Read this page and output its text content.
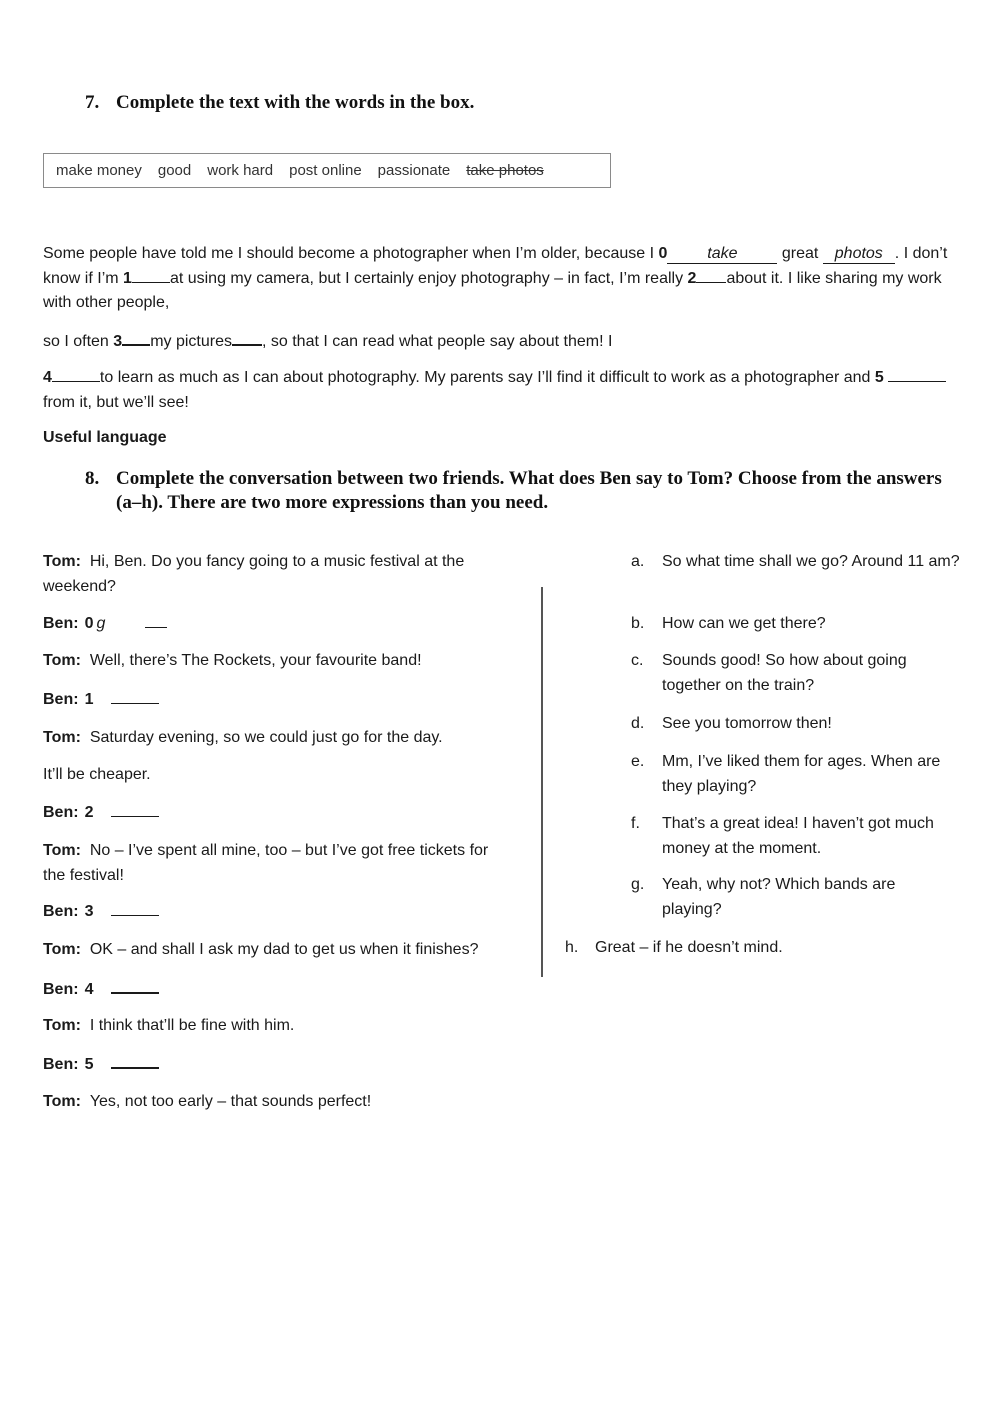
7. Complete the text with the words in the box.
make money good work hard post online passionate take photos
Some people have told me I should become a photographer when I’m older, because I 0 take	great photos . I don’t know if I’m 1 at using my camera, but I certainly enjoy photography – in fact, I’m really 2 about it. I like sharing my work with other people,
so I often 3 my pictures , so that I can read what people say about them! I
4	to learn as much as I can about photography. My parents say I’ll find it difficult to work as a photographer and 5 from it, but we’ll see!
Useful language
8. Complete the conversation between two friends. What does Ben say to Tom? Choose from the answers (a–h). There are two more expressions than you need.
Tom: Hi, Ben. Do you fancy going to a music festival at the weekend?
Ben: 0 g
Tom: Well, there’s The Rockets, your favourite band!
Ben: 1
Tom: Saturday evening, so we could just go for the day.
It’ll be cheaper.
Ben: 2
Tom: No – I’ve spent all mine, too – but I’ve got free tickets for the festival!
Ben: 3
Tom: OK – and shall I ask my dad to get us when it finishes?
Ben: 4
Tom: I think that’ll be fine with him.
Ben: 5
Tom: Yes, not too early – that sounds perfect!
a.	So what time shall we go? Around 11 am?
b.	How can we get there?
c.	Sounds good! So how about going together on the train?
d.	See you tomorrow then!
e.	Mm, I’ve liked them for ages. When are they playing?
f.	That’s a great idea! I haven’t got much money at the moment.
g.	Yeah, why not? Which bands are playing?
h.	Great – if he doesn’t mind.
